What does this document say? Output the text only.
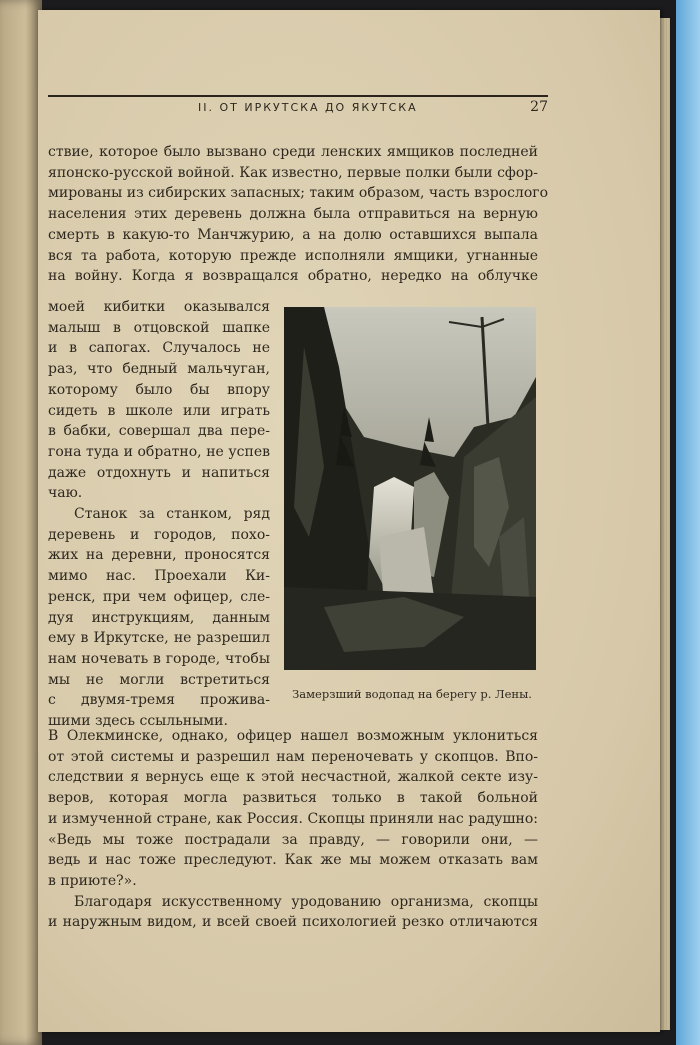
II. ОТ ИРКУТСКА ДО ЯКУТСКА	27
ствие, которое было вызвано среди ленских ямщиков последней
японско-русской войной. Как известно, первые полки были сфор-
мированы из сибирских запасных; таким образом, часть взрослого
населения этих деревень должна была отправиться на верную
смерть в какую-то Манчжурию, а на долю оставшихся выпала
вся та работа, которую прежде исполняли ямщики, угнанные
на войну. Когда я возвращался обратно, нередко на облучке
моей кибитки оказывался
малыш в отцовской шапке
и в сапогах. Случалось не
раз, что бедный мальчуган,
которому было бы впору
сидеть в школе или играть
в бабки, совершал два пере-
гона туда и обратно, не успев
даже отдохнуть и напиться
чаю.
Станок за станком, ряд
деревень и городов, похо-
жих на деревни, проносятся
мимо нас. Проехали Ки-
ренск, при чем офицер, сле-
дуя инструкциям, данным
ему в Иркутске, не разрешил
нам ночевать в городе, чтобы
мы не могли встретиться
с двумя-тремя прожива-
шими здесь ссыльными.
Замерзший водопад на берегу р. Лены.
В Олекминске, однако, офицер нашел возможным уклониться
от этой системы и разрешил нам переночевать у скопцов. Впо-
следствии я вернусь еще к этой несчастной, жалкой секте изу-
веров, которая могла развиться только в такой больной
и измученной стране, как Россия. Скопцы приняли нас радушно:
«Ведь мы тоже пострадали за правду, — говорили они, —
ведь и нас тоже преследуют. Как же мы можем отказать вам
в приюте?».
Благодаря искусственному уродованию организма, скопцы
и наружным видом, и всей своей психологией резко отличаются
